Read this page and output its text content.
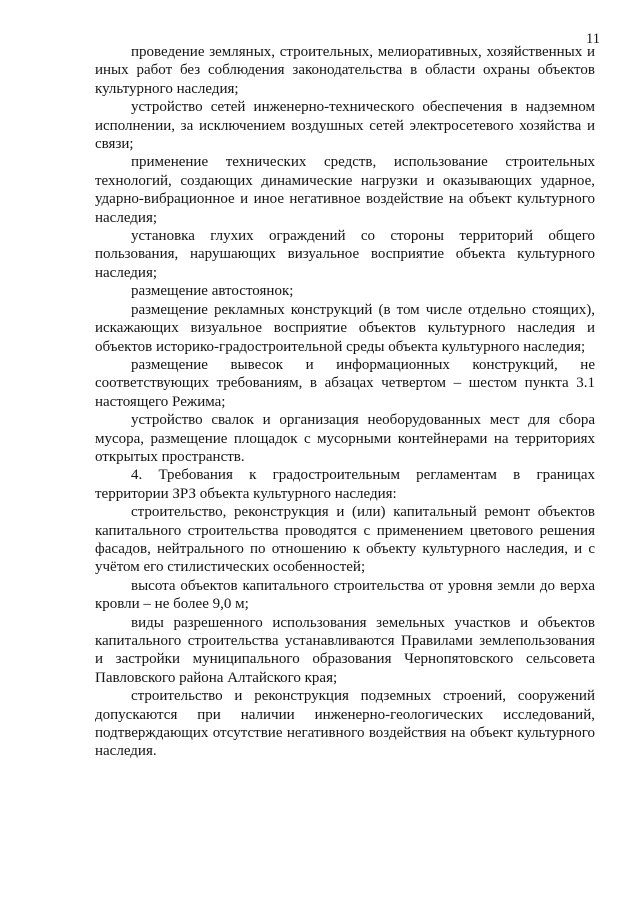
11

проведение земляных, строительных, мелиоративных, хозяйственных и иных работ без соблюдения законодательства в области охраны объектов культурного наследия;

устройство сетей инженерно-технического обеспечения в надземном исполнении, за исключением воздушных сетей электросетевого хозяйства и связи;

применение технических средств, использование строительных технологий, создающих динамические нагрузки и оказывающих ударное, ударно-вибрационное и иное негативное воздействие на объект культурного наследия;

установка глухих ограждений со стороны территорий общего пользования, нарушающих визуальное восприятие объекта культурного наследия;

размещение автостоянок;

размещение рекламных конструкций (в том числе отдельно стоящих), искажающих визуальное восприятие объектов культурного наследия и объектов историко-градостроительной среды объекта культурного наследия;

размещение вывесок и информационных конструкций, не соответствующих требованиям, в абзацах четвертом – шестом пункта 3.1 настоящего Режима;

устройство свалок и организация необорудованных мест для сбора мусора, размещение площадок с мусорными контейнерами на территориях открытых пространств.

4. Требования к градостроительным регламентам в границах территории ЗРЗ объекта культурного наследия:

строительство, реконструкция и (или) капитальный ремонт объектов капитального строительства проводятся с применением цветового решения фасадов, нейтрального по отношению к объекту культурного наследия, и с учётом его стилистических особенностей;

высота объектов капитального строительства от уровня земли до верха кровли – не более 9,0 м;

виды разрешенного использования земельных участков и объектов капитального строительства устанавливаются Правилами землепользования и застройки муниципального образования Чернопятовского сельсовета Павловского района Алтайского края;

строительство и реконструкция подземных строений, сооружений допускаются при наличии инженерно-геологических исследований, подтверждающих отсутствие негативного воздействия на объект культурного наследия.
